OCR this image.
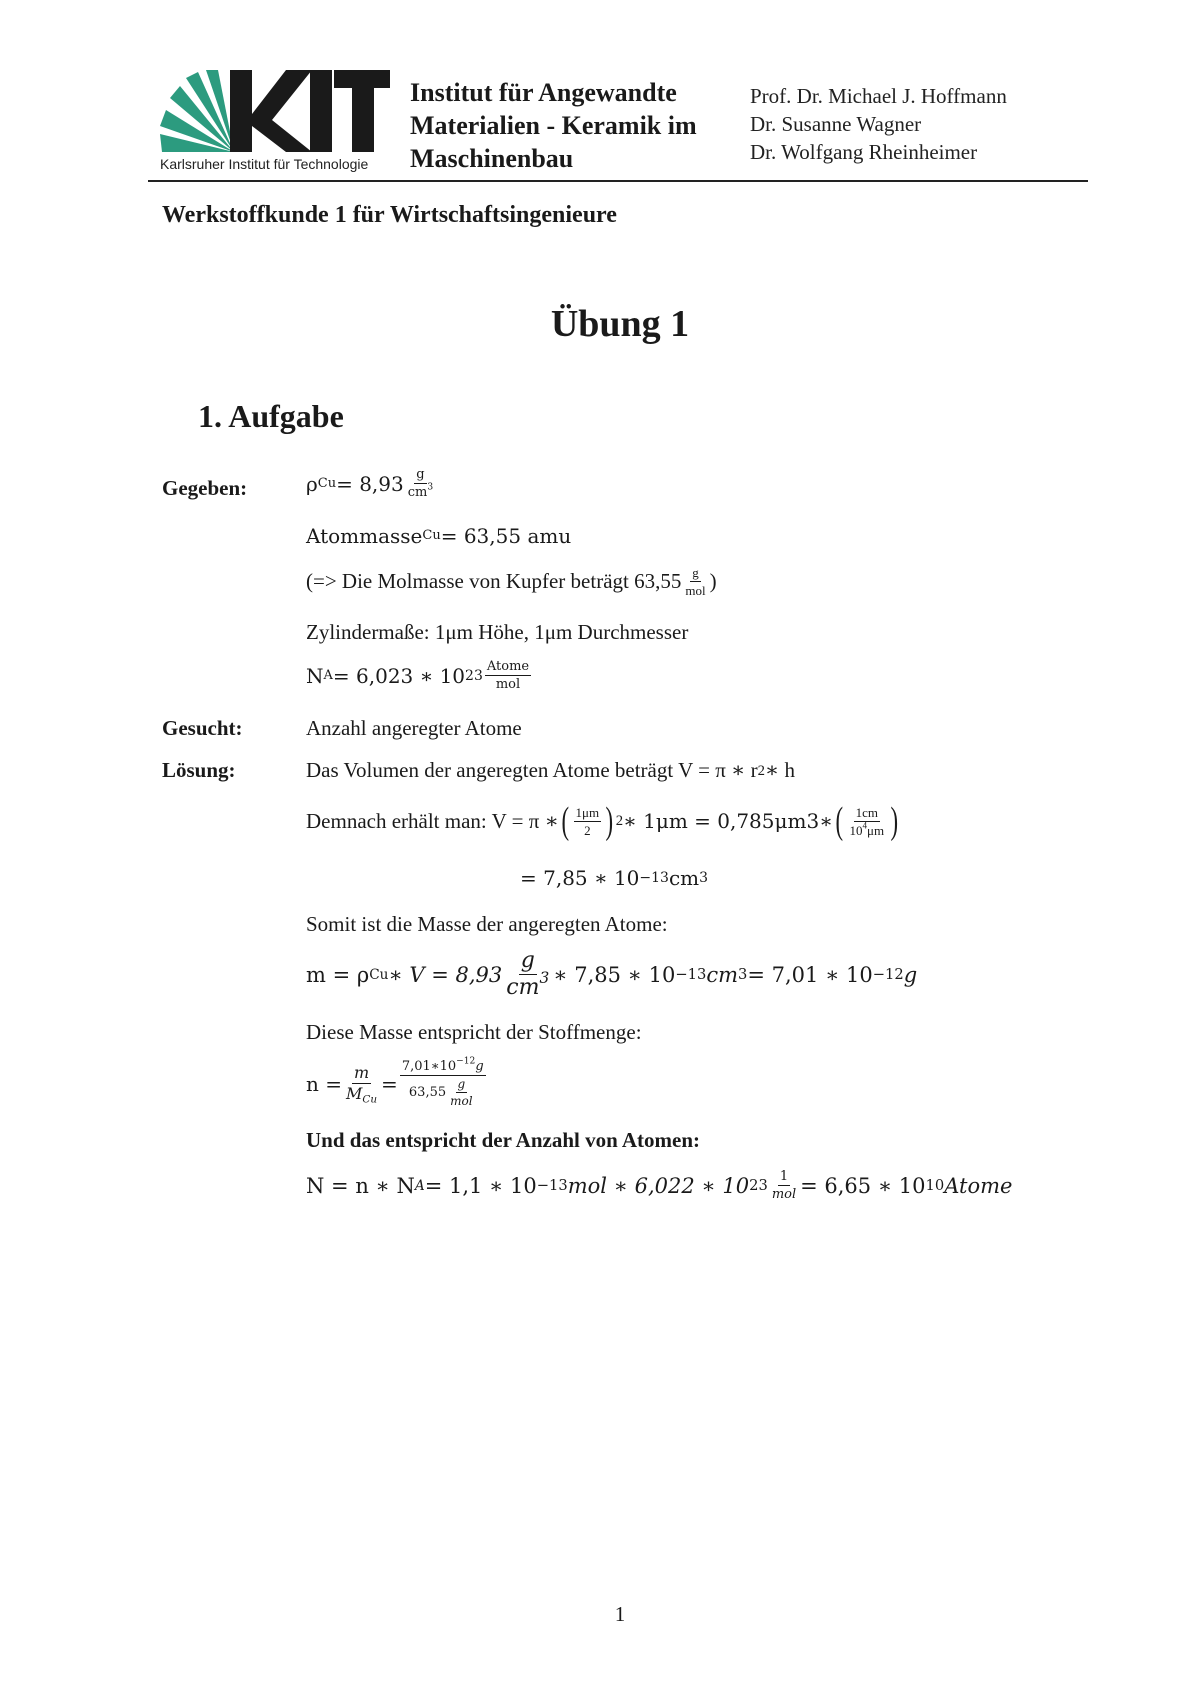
Karlsruher Institut für Technologie
Institut für Angewandte
Materialien - Keramik im
Maschinenbau
Prof. Dr. Michael J. Hoffmann
Dr. Susanne Wagner
Dr. Wolfgang Rheinheimer
Werkstoffkunde 1 für Wirtschaftsingenieure
Übung 1
1. Aufgabe
Gegeben:	ρ $Cu = 8,93 \frac{g}{cm^3}$
Atommasse Cu = 63,55 amu
(=> Die Molmasse von Kupfer beträgt $63,55 \frac{g}{\text{mol}}$ )
Zylindermaße: 1μm Höhe, 1μm Durchmesser
N A = 6,023 ∗ 10 $23 \frac{\text{Atome}}{\text{mol}}$
Gesucht:	Anzahl angeregter Atome
Lösung:	Das Volumen der angeregten Atome beträgt V = π ∗ r 2 ∗ h
Demnach erhält man: V = π ∗ ( $\frac{1\mu m}{2}$ ) 2 ∗ 1μm = 0,785μm 3 ∗ ( $\frac{1cm}{10^4\mu m}$ )
= 7,85 ∗ 10 −13 cm 3
Somit ist die Masse der angeregten Atome:
m = ρ Cu ∗ $V = 8,93 \frac{g}{cm^3}$ ∗ 7,85 ∗ 10 −13 cm 3 = 7,01 ∗ 10 −12 g
Diese Masse entspricht der Stoffmenge:
$n = \frac{m}{M_{Cu}} = \frac{7,01∗10^{-12}g}{63,55 \frac{g}{\text{mol}}}$
Und das entspricht der Anzahl von Atomen:
N = n ∗ N A = 1,1 ∗ 10 −13 mol ∗ 6,022 ∗ 10 $23 \frac{1}{\text{mol}} = 6,65$ ∗ 10 10 Atome
1
